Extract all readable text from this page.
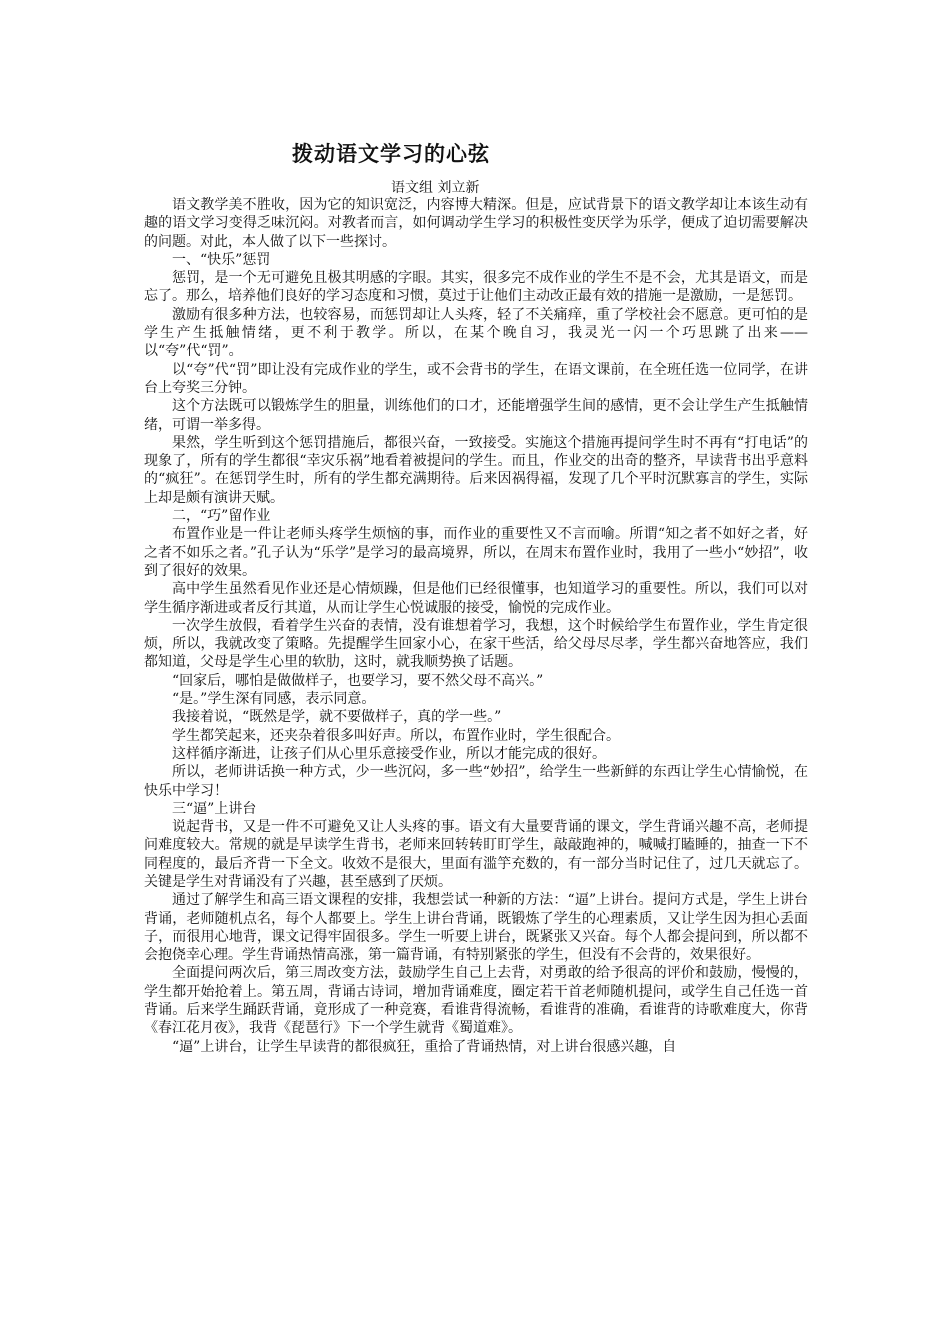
拨动语文学习的心弦
语文组 刘立新

语文教学美不胜收，因为它的知识宽泛，内容博大精深。但是，应试背景下的语文教学却让本该生动有趣的语文学习变得乏味沉闷。对教者而言，如何调动学生学习的积极性变厌学为乐学，便成了迫切需要解决的问题。对此，本人做了以下一些探讨。

一、“快乐”惩罚

惩罚，是一个无可避免且极其明感的字眼。其实，很多完不成作业的学生不是不会，尤其是语文，而是忘了。那么，培养他们良好的学习态度和习惯，莫过于让他们主动改正最有效的措施一是激励，一是惩罚。

激励有很多种方法，也较容易，而惩罚却让人头疼，轻了不关痛痒，重了学校社会不愿意。更可怕的是学生产生抵触情绪，更不利于教学。所以，在某个晚自习，我灵光一闪一个巧思跳了出来——以“夸”代“罚”。

以“夸”代“罚”即让没有完成作业的学生，或不会背书的学生，在语文课前，在全班任选一位同学，在讲台上夸奖三分钟。

这个方法既可以锻炼学生的胆量，训练他们的口才，还能增强学生间的感情，更不会让学生产生抵触情绪，可谓一举多得。

果然，学生听到这个惩罚措施后，都很兴奋，一致接受。实施这个措施再提问学生时不再有“打电话”的现象了，所有的学生都很“幸灾乐祸”地看着被提问的学生。而且，作业交的出奇的整齐，早读背书出乎意料的“疯狂”。在惩罚学生时，所有的学生都充满期待。后来因祸得福，发现了几个平时沉默寡言的学生，实际上却是颇有演讲天赋。

二，“巧”留作业

布置作业是一件让老师头疼学生烦恼的事，而作业的重要性又不言而喻。所谓“知之者不如好之者，好之者不如乐之者。”孔子认为“乐学”是学习的最高境界，所以，在周末布置作业时，我用了一些小“妙招”，收到了很好的效果。

高中学生虽然看见作业还是心情烦躁，但是他们已经很懂事，也知道学习的重要性。所以，我们可以对学生循序渐进或者反行其道，从而让学生心悦诚服的接受，愉悦的完成作业。

一次学生放假，看着学生兴奋的表情，没有谁想着学习，我想，这个时候给学生布置作业，学生肯定很烦，所以，我就改变了策略。先提醒学生回家小心，在家干些活，给父母尽尽孝，学生都兴奋地答应，我们都知道，父母是学生心里的软肋，这时，就我顺势换了话题。

“回家后，哪怕是做做样子，也要学习，要不然父母不高兴。”

“是。”学生深有同感，表示同意。

我接着说，“既然是学，就不要做样子，真的学一些。”

学生都笑起来，还夹杂着很多叫好声。所以，布置作业时，学生很配合。

这样循序渐进，让孩子们从心里乐意接受作业，所以才能完成的很好。

所以，老师讲话换一种方式，少一些沉闷，多一些“妙招”，给学生一些新鲜的东西让学生心情愉悦，在快乐中学习！

三“逼”上讲台

说起背书，又是一件不可避免又让人头疼的事。语文有大量要背诵的课文，学生背诵兴趣不高，老师提问难度较大。常规的就是早读学生背书，老师来回转转盯盯学生，敲敲跑神的，喊喊打瞌睡的，抽查一下不同程度的，最后齐背一下全文。收效不是很大，里面有滥竽充数的，有一部分当时记住了，过几天就忘了。关键是学生对背诵没有了兴趣，甚至感到了厌烦。

通过了解学生和高三语文课程的安排，我想尝试一种新的方法：“逼”上讲台。提问方式是，学生上讲台背诵，老师随机点名，每个人都要上。学生上讲台背诵，既锻炼了学生的心理素质，又让学生因为担心丢面子，而很用心地背，课文记得牢固很多。学生一听要上讲台，既紧张又兴奋。每个人都会提问到，所以都不会抱侥幸心理。学生背诵热情高涨，第一篇背诵，有特别紧张的学生，但没有不会背的，效果很好。

全面提问两次后，第三周改变方法，鼓励学生自己上去背，对勇敢的给予很高的评价和鼓励，慢慢的，学生都开始抢着上。第五周，背诵古诗词，增加背诵难度，圈定若干首老师随机提问，或学生自己任选一首背诵。后来学生踊跃背诵，竟形成了一种竞赛，看谁背得流畅，看谁背的准确，看谁背的诗歌难度大，你背《春江花月夜》，我背《琵琶行》下一个学生就背《蜀道难》。

“逼”上讲台，让学生早读背的都很疯狂，重拾了背诵热情，对上讲台很感兴趣，自
